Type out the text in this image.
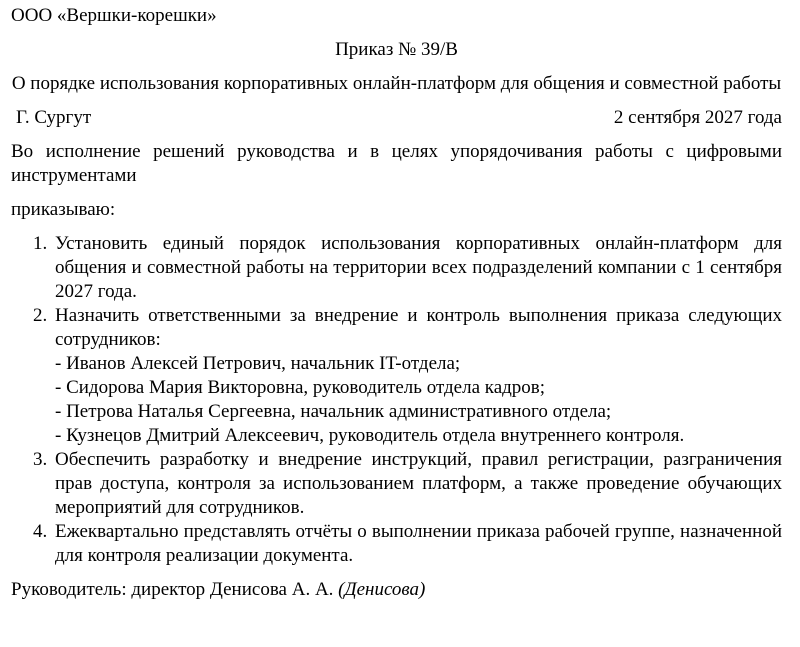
ООО «Вершки-корешки»

Приказ № 39/В

О порядке использования корпоративных онлайн-платформ для общения и совместной работы

Г. Сургут	2 сентября 2027 года

Во исполнение решений руководства и в целях упорядочивания работы с цифровыми инструментами

приказываю:

1. Установить единый порядок использования корпоративных онлайн-платформ для общения и совместной работы на территории всех подразделений компании с 1 сентября 2027 года.
2. Назначить ответственными за внедрение и контроль выполнения приказа следующих сотрудников:
- Иванов Алексей Петрович, начальник IT-отдела;
- Сидорова Мария Викторовна, руководитель отдела кадров;
- Петрова Наталья Сергеевна, начальник административного отдела;
- Кузнецов Дмитрий Алексеевич, руководитель отдела внутреннего контроля.
3. Обеспечить разработку и внедрение инструкций, правил регистрации, разграничения прав доступа, контроля за использованием платформ, а также проведение обучающих мероприятий для сотрудников.
4. Ежеквартально представлять отчёты о выполнении приказа рабочей группе, назначенной для контроля реализации документа.

Руководитель: директор Денисова А. А. (Денисова)
